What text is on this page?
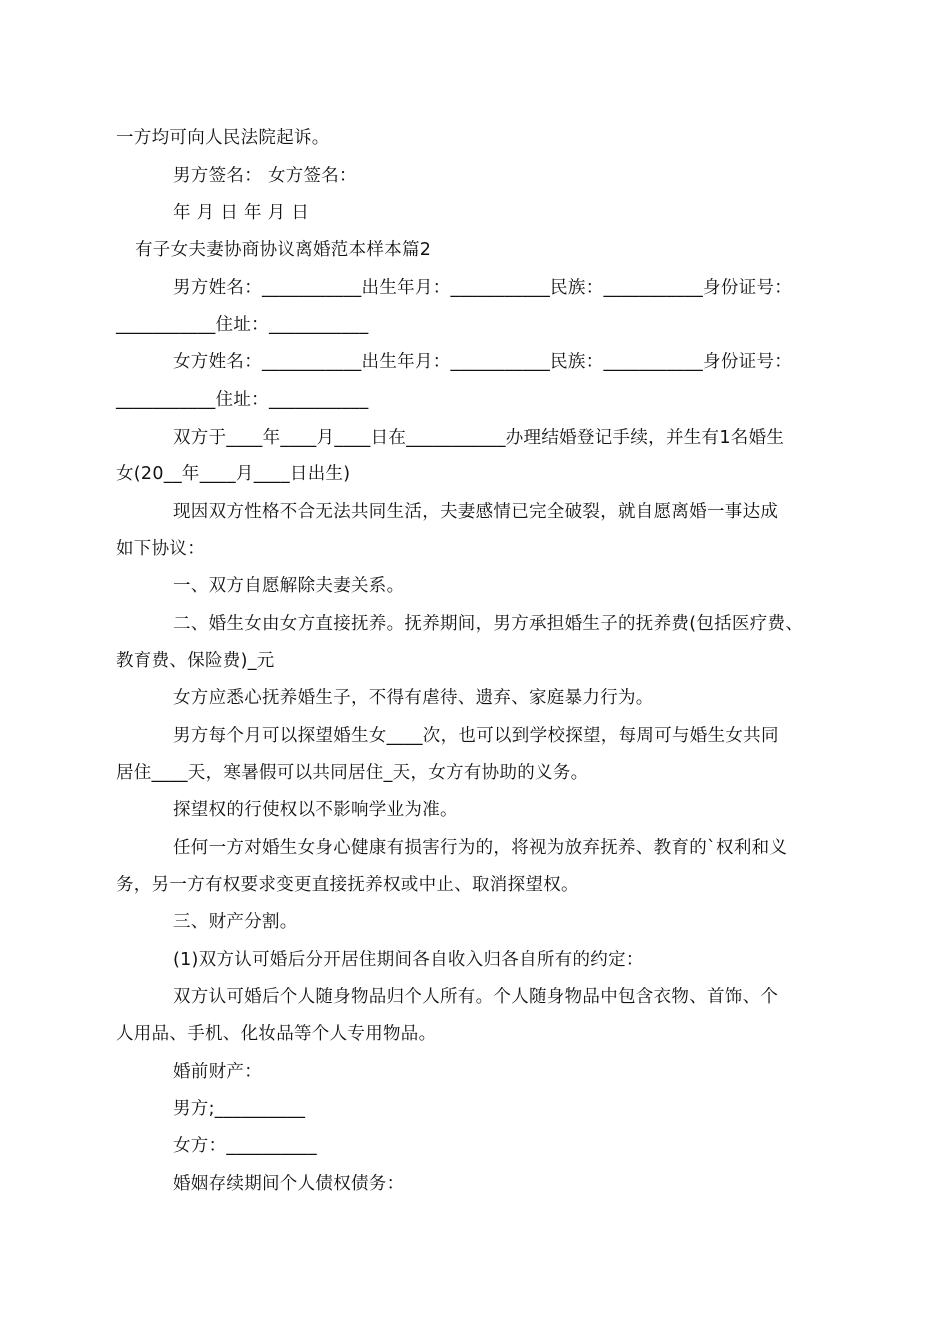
一方均可向人民法院起诉。
男方签名： 女方签名：
年 月 日 年 月 日
有子女夫妻协商协议离婚范本样本篇2
男方姓名：___________出生年月：___________民族：___________身份证号：
___________住址：___________
女方姓名：___________出生年月：___________民族：___________身份证号：
___________住址：___________
双方于____年____月____日在___________办理结婚登记手续，并生有1名婚生
女(20__年____月____日出生)
现因双方性格不合无法共同生活，夫妻感情已完全破裂，就自愿离婚一事达成
如下协议：
一、双方自愿解除夫妻关系。
二、婚生女由女方直接抚养。抚养期间，男方承担婚生子的抚养费(包括医疗费、
教育费、保险费)_元
女方应悉心抚养婚生子，不得有虐待、遗弃、家庭暴力行为。
男方每个月可以探望婚生女____次，也可以到学校探望，每周可与婚生女共同
居住____天，寒暑假可以共同居住_天，女方有协助的义务。
探望权的行使权以不影响学业为准。
任何一方对婚生女身心健康有损害行为的，将视为放弃抚养、教育的`权利和义
务，另一方有权要求变更直接抚养权或中止、取消探望权。
三、财产分割。
(1)双方认可婚后分开居住期间各自收入归各自所有的约定：
双方认可婚后个人随身物品归个人所有。个人随身物品中包含衣物、首饰、个
人用品、手机、化妆品等个人专用物品。
婚前财产：
男方;__________
女方：__________
婚姻存续期间个人债权债务：
